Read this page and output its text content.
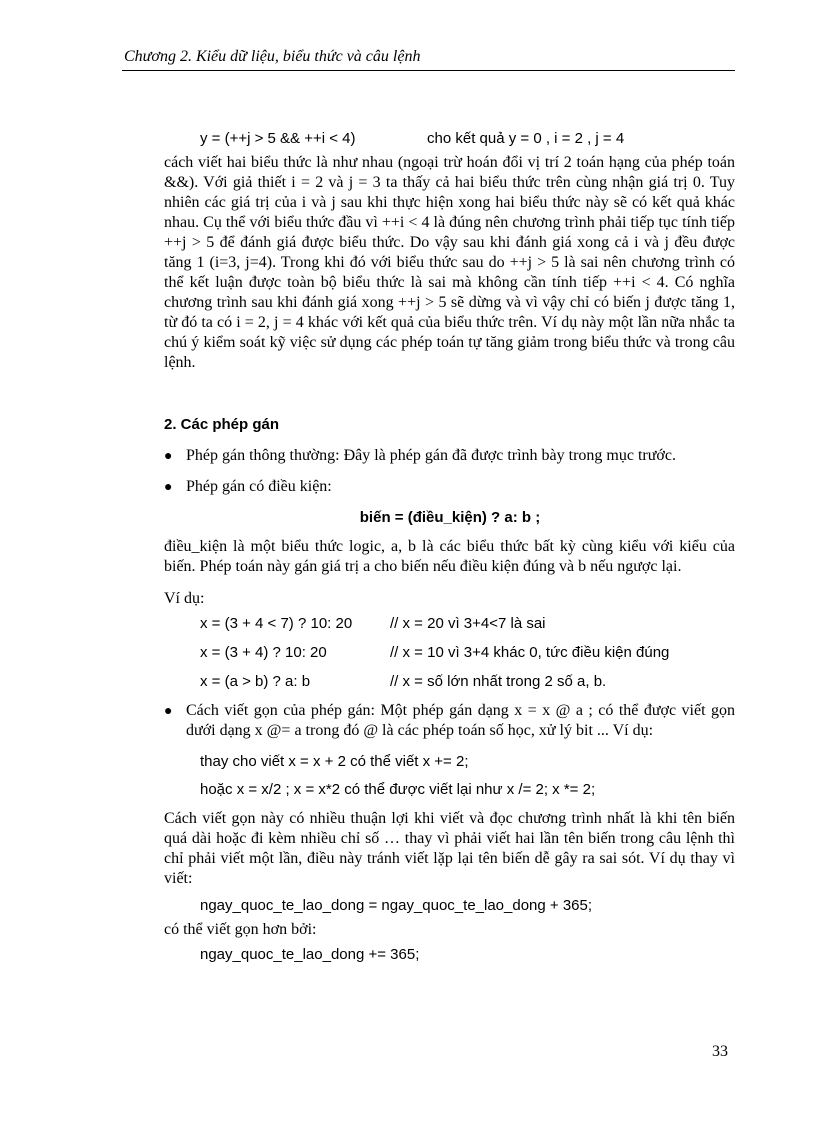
Chương 2. Kiểu dữ liệu, biểu thức và câu lệnh
y = (++j > 5 && ++i < 4)	cho kết quả y = 0 , i = 2 , j = 4
cách viết hai biểu thức là như nhau (ngoại trừ hoán đổi vị trí 2 toán hạng của phép toán &&). Với giả thiết i = 2 và j = 3 ta thấy cả hai biểu thức trên cùng nhận giá trị 0. Tuy nhiên các giá trị của i và j sau khi thực hiện xong hai biểu thức này sẽ có kết quả khác nhau. Cụ thể với biểu thức đầu vì ++i < 4 là đúng nên chương trình phải tiếp tục tính tiếp ++j > 5 để đánh giá được biểu thức. Do vậy sau khi đánh giá xong cả i và j đều được tăng 1 (i=3, j=4). Trong khi đó với biểu thức sau do ++j > 5 là sai nên chương trình có thể kết luận được toàn bộ biểu thức là sai mà không cần tính tiếp ++i < 4. Có nghĩa chương trình sau khi đánh giá xong ++j > 5 sẽ dừng và vì vậy chỉ có biến j được tăng 1, từ đó ta có i = 2, j = 4 khác với kết quả của biểu thức trên. Ví dụ này một lần nữa nhắc ta chú ý kiểm soát kỹ việc sử dụng các phép toán tự tăng giảm trong biểu thức và trong câu lệnh.
2. Các phép gán
● Phép gán thông thường: Đây là phép gán đã được trình bày trong mục trước.
● Phép gán có điều kiện:
biến = (điều_kiện) ? a: b ;
điều_kiện là một biểu thức logic, a, b là các biểu thức bất kỳ cùng kiểu với kiểu của biến. Phép toán này gán giá trị a cho biến nếu điều kiện đúng và b nếu ngược lại.
Ví dụ:
x = (3 + 4 < 7) ? 10: 20	// x = 20 vì 3+4<7 là sai
x = (3 + 4) ? 10: 20	// x = 10 vì 3+4 khác 0, tức điều kiện đúng
x = (a > b) ? a: b	// x = số lớn nhất trong 2 số a, b.
● Cách viết gọn của phép gán: Một phép gán dạng x = x @ a ; có thể được viết gọn dưới dạng x @= a trong đó @ là các phép toán số học, xử lý bit ... Ví dụ:
thay cho viết x = x + 2 có thể viết x += 2;
hoặc x = x/2 ; x = x*2 có thể được viết lại như x /= 2; x *= 2;
Cách viết gọn này có nhiều thuận lợi khi viết và đọc chương trình nhất là khi tên biến quá dài hoặc đi kèm nhiều chỉ số … thay vì phải viết hai lần tên biến trong câu lệnh thì chỉ phải viết một lần, điều này tránh viết lặp lại tên biến dễ gây ra sai sót. Ví dụ thay vì viết:
ngay_quoc_te_lao_dong = ngay_quoc_te_lao_dong + 365;
có thể viết gọn hơn bởi:
ngay_quoc_te_lao_dong += 365;
33
